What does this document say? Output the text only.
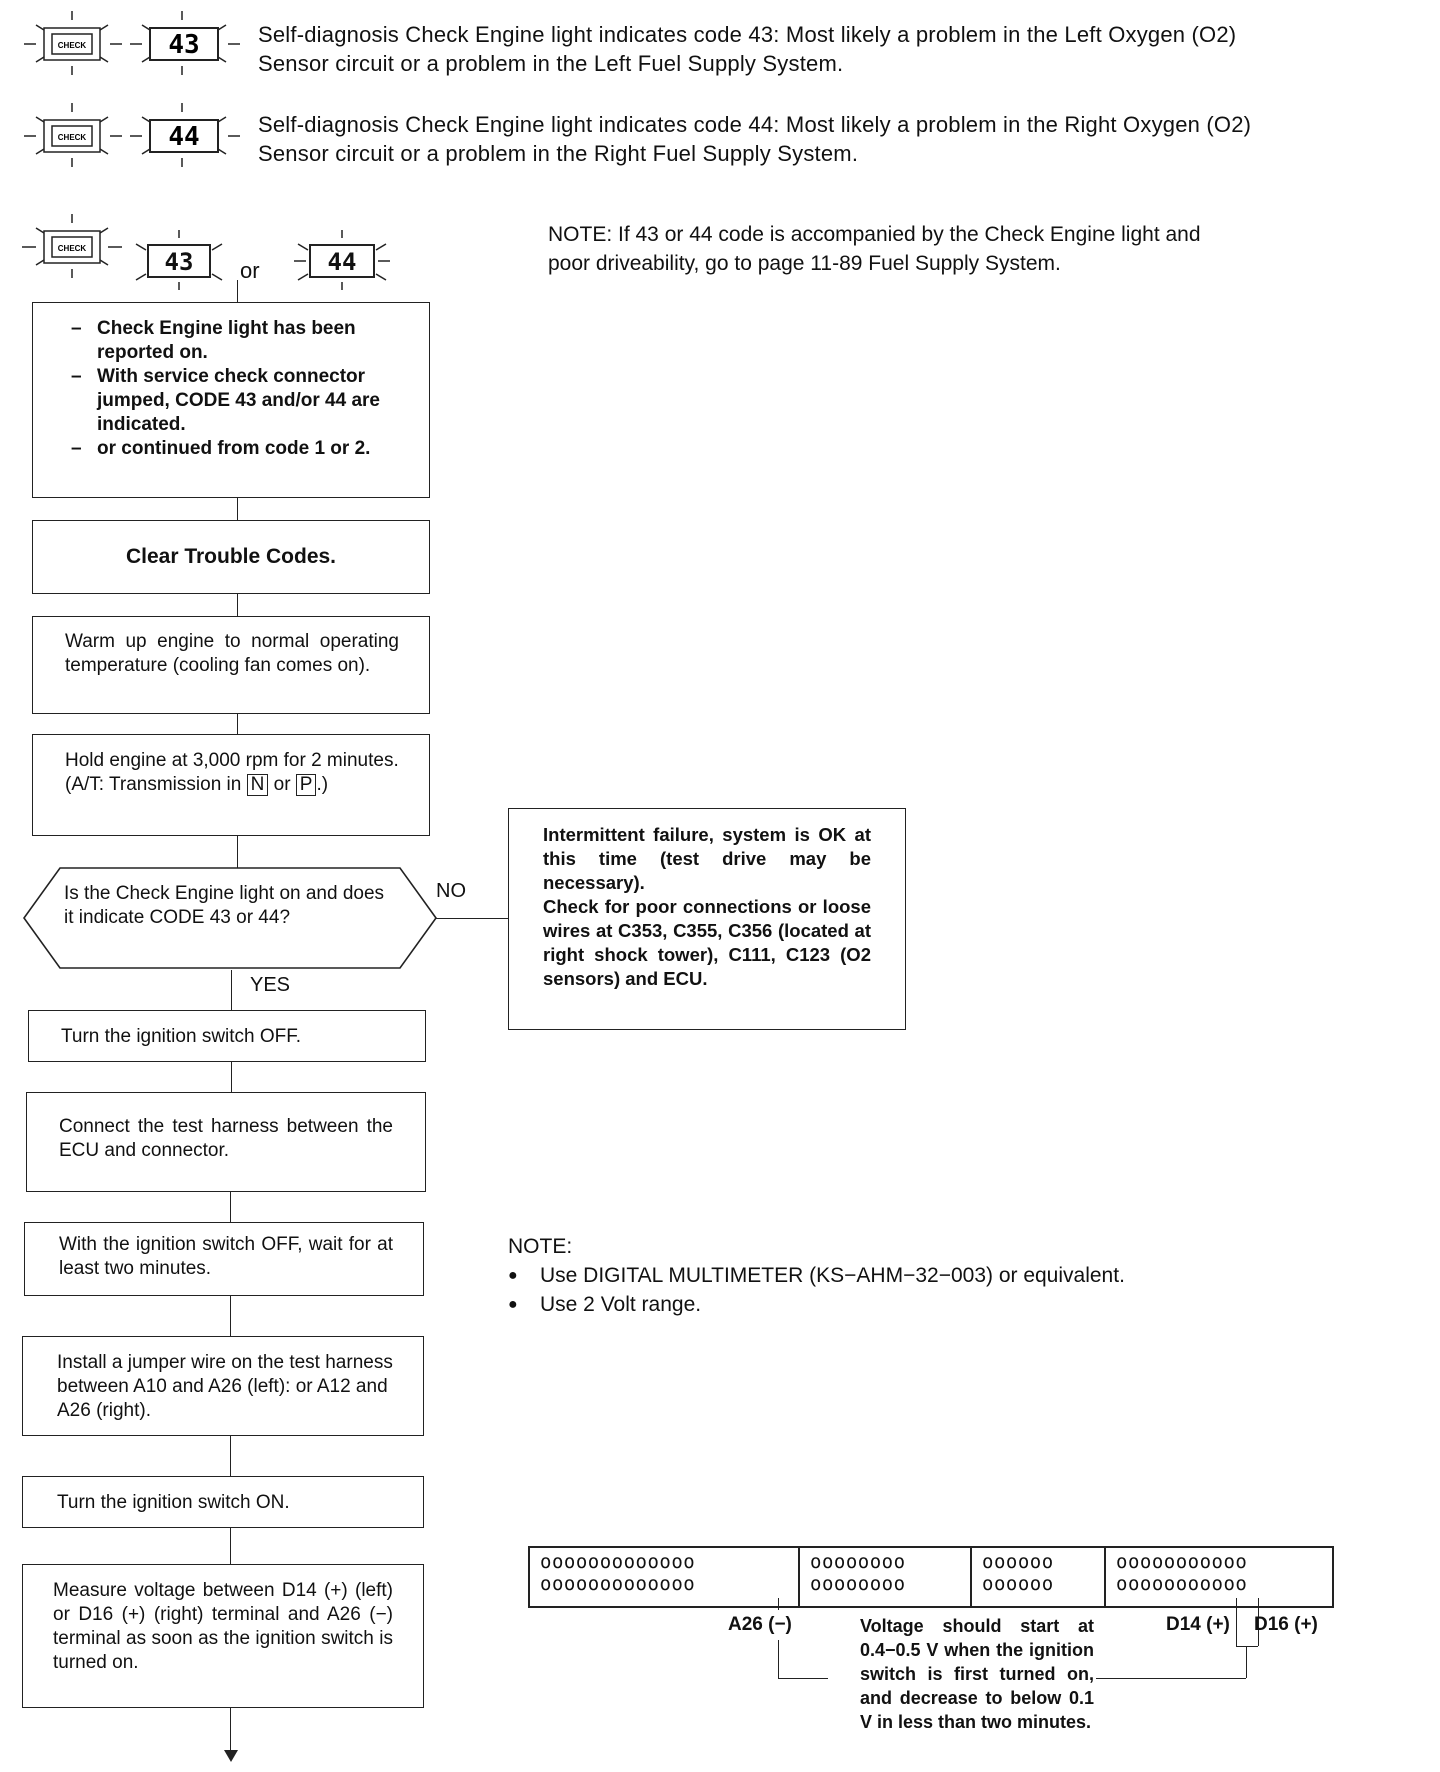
CHECK	43	Self-diagnosis Check Engine light indicates code 43: Most likely a problem in the Left Oxygen (O2)
Sensor circuit or a problem in the Left Fuel Supply System.
CHECK	44	Self-diagnosis Check Engine light indicates code 44: Most likely a problem in the Right Oxygen (O2)
Sensor circuit or a problem in the Right Fuel Supply System.
CHECK	43	or	44
NOTE: If 43 or 44 code is accompanied by the Check Engine light and
poor driveability, go to page 11-89 Fuel Supply System.
– Check Engine light has been reported on.
– With service check connector jumped, CODE 43 and/or 44 are indicated.
– or continued from code 1 or 2.
Clear Trouble Codes.
Warm up engine to normal operating temperature (cooling fan comes on).
Hold engine at 3,000 rpm for 2 minutes.
(A/T: Transmission in N or P .)
Is the Check Engine light on and does it indicate CODE 43 or 44?
NO
YES
Intermittent failure, system is OK at this time (test drive may be necessary).
Check for poor connections or loose wires at C353, C355, C356 (located at right shock tower), C111, C123 (O2 sensors) and ECU.
Turn the ignition switch OFF.
Connect the test harness between the ECU and connector.
With the ignition switch OFF, wait for at least two minutes.
Install a jumper wire on the test harness between A10 and A26 (left): or A12 and A26 (right).
Turn the ignition switch ON.
Measure voltage between D14 (+) (left) or D16 (+) (right) terminal and A26 (−) terminal as soon as the ignition switch is turned on.
NOTE:
● Use DIGITAL MULTIMETER (KS−AHM−32−003) or equivalent.
● Use 2 Volt range.
ooooooooooooo
ooooooooooooo
oooooooo
oooooooo
oooooo
oooooo
ooooooooooo
ooooooooooo
A26 (−)	D14 (+) D16 (+)
Voltage should start at 0.4−0.5 V when the ignition switch is first turned on, and decrease to below 0.1 V in less than two minutes.
